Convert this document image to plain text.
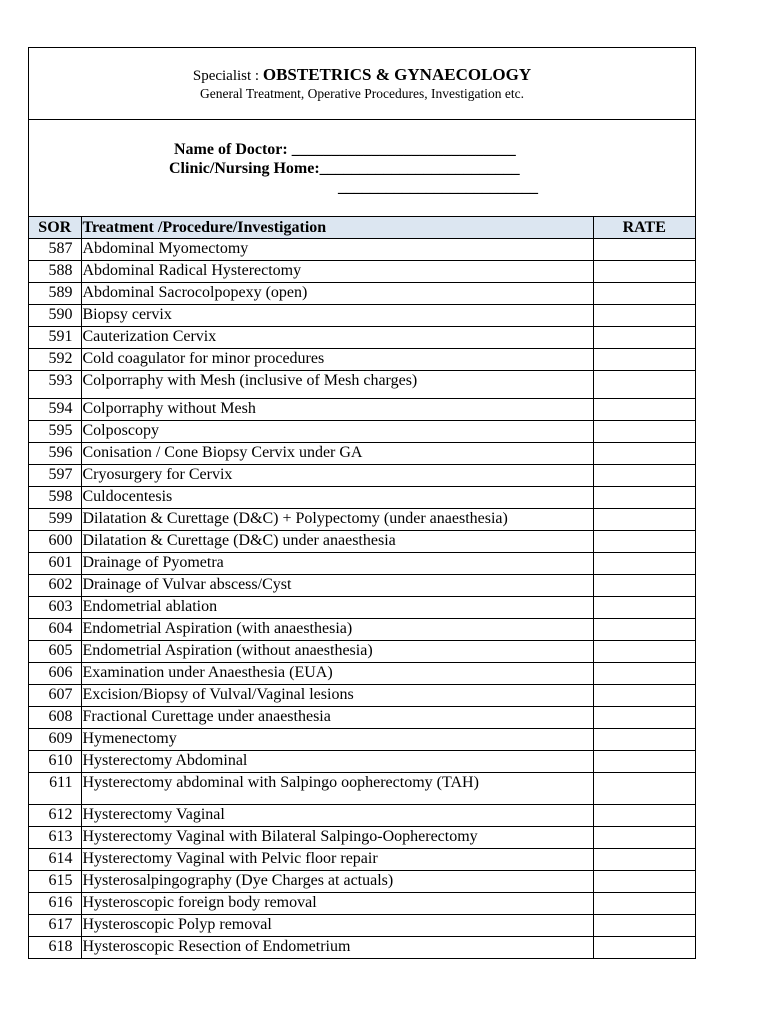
Specialist : OBSTETRICS & GYNAECOLOGY
General Treatment, Operative Procedures, Investigation etc.
Name of Doctor: ____________________________
Clinic/Nursing Home:_________________________
_________________________
SOR	Treatment /Procedure/Investigation	RATE
587	Abdominal Myomectomy	
588	Abdominal Radical Hysterectomy	
589	Abdominal Sacrocolpopexy (open)	
590	Biopsy cervix	
591	Cauterization Cervix	
592	Cold coagulator for minor procedures	
593	Colporraphy with Mesh (inclusive of Mesh charges)	
594	Colporraphy without Mesh	
595	Colposcopy	
596	Conisation / Cone Biopsy Cervix under GA	
597	Cryosurgery for Cervix	
598	Culdocentesis	
599	Dilatation & Curettage (D&C) + Polypectomy (under anaesthesia)	
600	Dilatation & Curettage (D&C) under anaesthesia	
601	Drainage of Pyometra	
602	Drainage of Vulvar abscess/Cyst	
603	Endometrial ablation	
604	Endometrial Aspiration (with anaesthesia)	
605	Endometrial Aspiration (without anaesthesia)	
606	Examination under Anaesthesia (EUA)	
607	Excision/Biopsy of Vulval/Vaginal lesions	
608	Fractional Curettage under anaesthesia	
609	Hymenectomy	
610	Hysterectomy Abdominal	
611	Hysterectomy abdominal with Salpingo oopherectomy (TAH)	
612	Hysterectomy Vaginal	
613	Hysterectomy Vaginal with Bilateral Salpingo-Oopherectomy	
614	Hysterectomy Vaginal with Pelvic floor repair	
615	Hysterosalpingography (Dye Charges at actuals)	
616	Hysteroscopic foreign body removal	
617	Hysteroscopic Polyp removal	
618	Hysteroscopic Resection of Endometrium	
